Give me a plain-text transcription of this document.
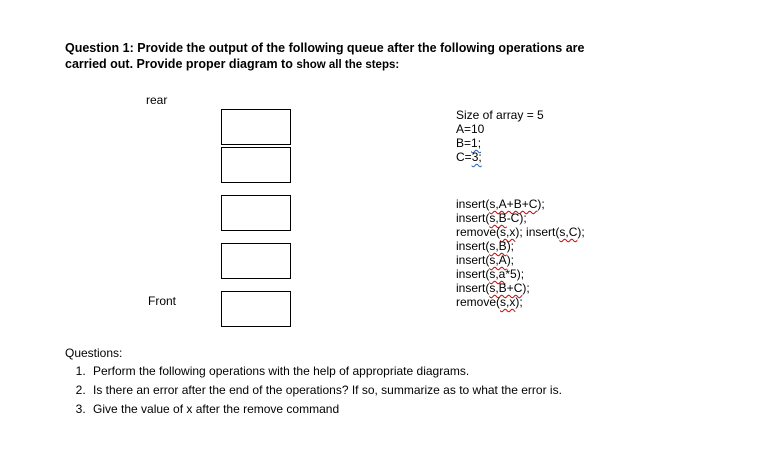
Question 1: Provide the output of the following queue after the following operations are
carried out. Provide proper diagram to show all the steps:
rear
Front
Size of array = 5
A=10
B=1;
C=3;
insert(s,A+B+C);
insert(s,B-C);
remove(s,x); insert(s,C);
insert(s,B);
insert(s,A);
insert(s,a*5);
insert(s,B+C);
remove(s,x);
Questions:
1. Perform the following operations with the help of appropriate diagrams.
2. Is there an error after the end of the operations? If so, summarize as to what the error is.
3. Give the value of x after the remove command
